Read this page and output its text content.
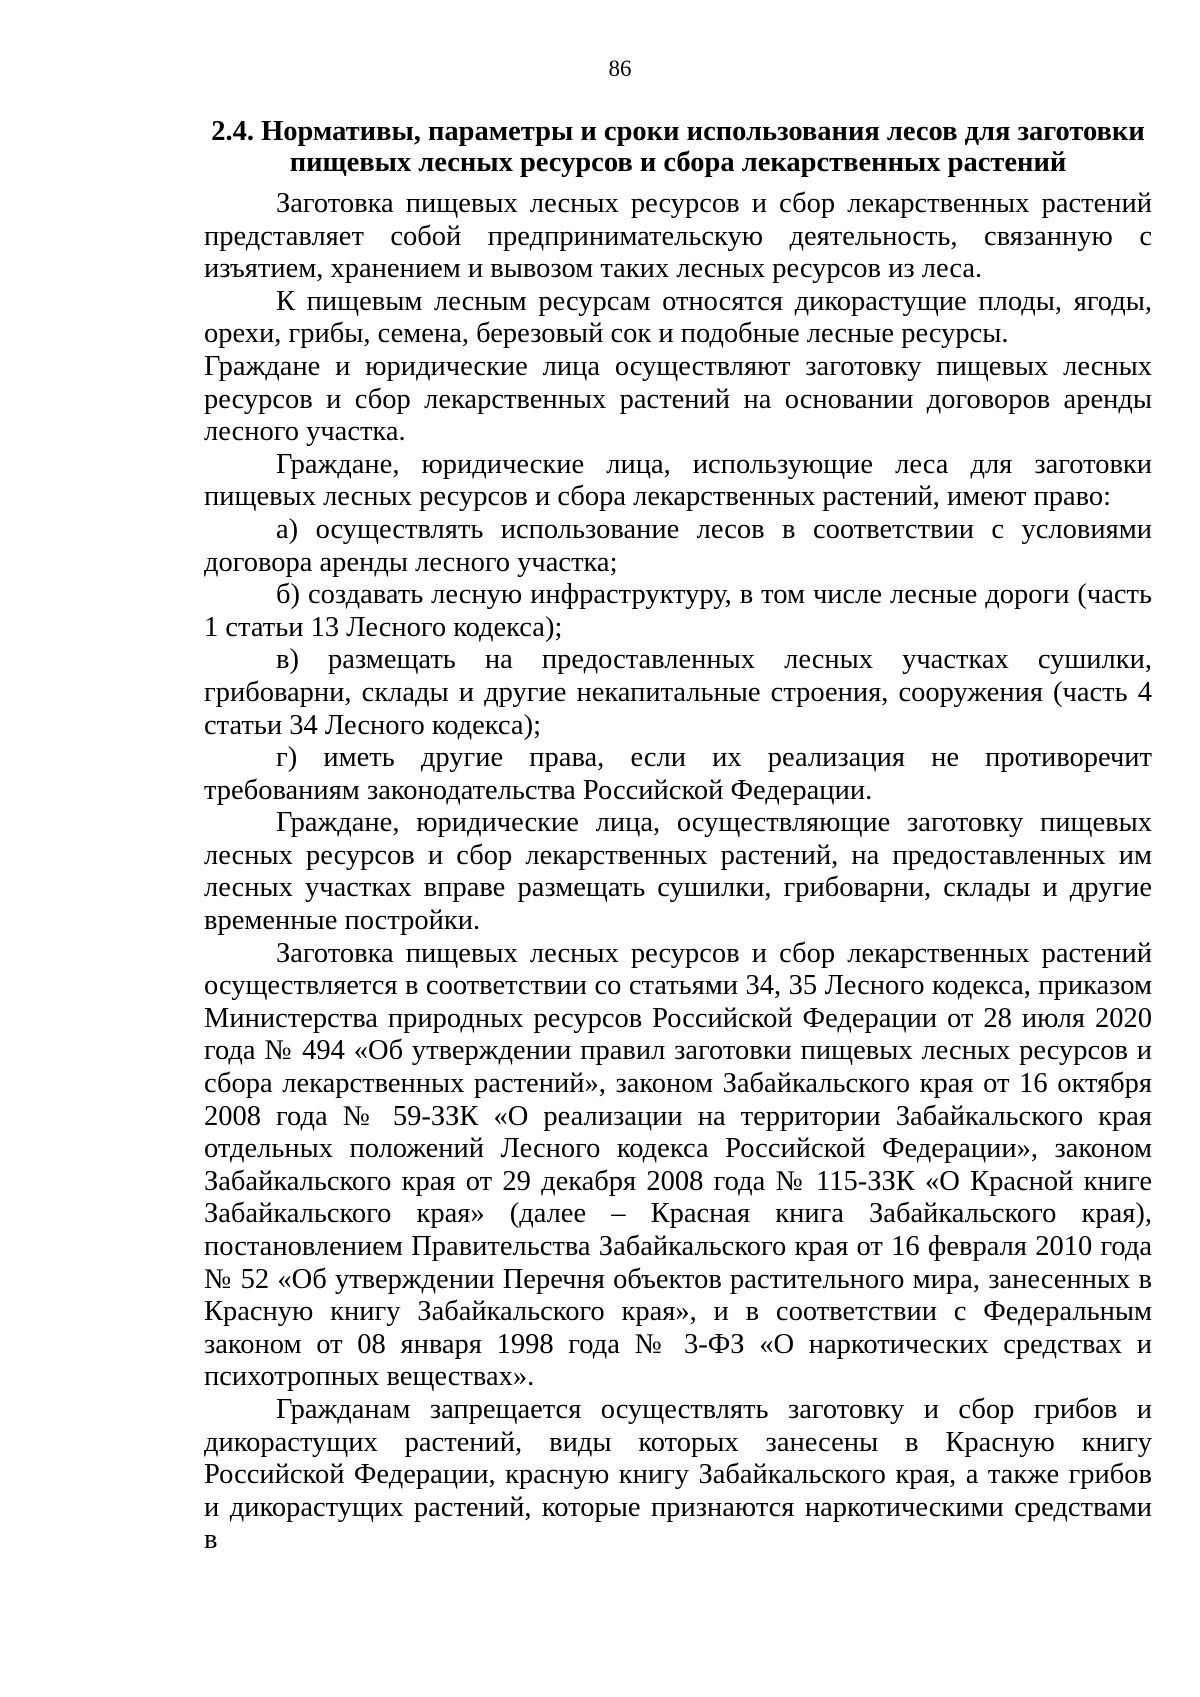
86
2.4. Нормативы, параметры и сроки использования лесов для заготовки
пищевых лесных ресурсов и сбора лекарственных растений

Заготовка пищевых лесных ресурсов и сбор лекарственных растений представляет собой предпринимательскую деятельность, связанную с изъятием, хранением и вывозом таких лесных ресурсов из леса.

К пищевым лесным ресурсам относятся дикорастущие плоды, ягоды, орехи, грибы, семена, березовый сок и подобные лесные ресурсы.

Граждане и юридические лица осуществляют заготовку пищевых лесных ресурсов и сбор лекарственных растений на основании договоров аренды лесного участка.

Граждане, юридические лица, использующие леса для заготовки пищевых лесных ресурсов и сбора лекарственных растений, имеют право:

а) осуществлять использование лесов в соответствии с условиями договора аренды лесного участка;

б) создавать лесную инфраструктуру, в том числе лесные дороги (часть 1 статьи 13 Лесного кодекса);

в) размещать на предоставленных лесных участках сушилки, грибоварни, склады и другие некапитальные строения, сооружения (часть 4 статьи 34 Лесного кодекса);

г) иметь другие права, если их реализация не противоречит требованиям законодательства Российской Федерации.

Граждане, юридические лица, осуществляющие заготовку пищевых лесных ресурсов и сбор лекарственных растений, на предоставленных им лесных участках вправе размещать сушилки, грибоварни, склады и другие временные постройки.

Заготовка пищевых лесных ресурсов и сбор лекарственных растений осуществляется в соответствии со статьями 34, 35 Лесного кодекса, приказом Министерства природных ресурсов Российской Федерации от 28 июля 2020 года № 494 «Об утверждении правил заготовки пищевых лесных ресурсов и сбора лекарственных растений», законом Забайкальского края от 16 октября 2008 года № 59-ЗЗК «О реализации на территории Забайкальского края отдельных положений Лесного кодекса Российской Федерации», законом Забайкальского края от 29 декабря 2008 года № 115-ЗЗК «О Красной книге Забайкальского края» (далее – Красная книга Забайкальского края), постановлением Правительства Забайкальского края от 16 февраля 2010 года № 52 «Об утверждении Перечня объектов растительного мира, занесенных в Красную книгу Забайкальского края», и в соответствии с Федеральным законом от 08 января 1998 года № 3-ФЗ «О наркотических средствах и психотропных веществах».

Гражданам запрещается осуществлять заготовку и сбор грибов и дикорастущих растений, виды которых занесены в Красную книгу Российской Федерации, красную книгу Забайкальского края, а также грибов и дикорастущих растений, которые признаются наркотическими средствами в
